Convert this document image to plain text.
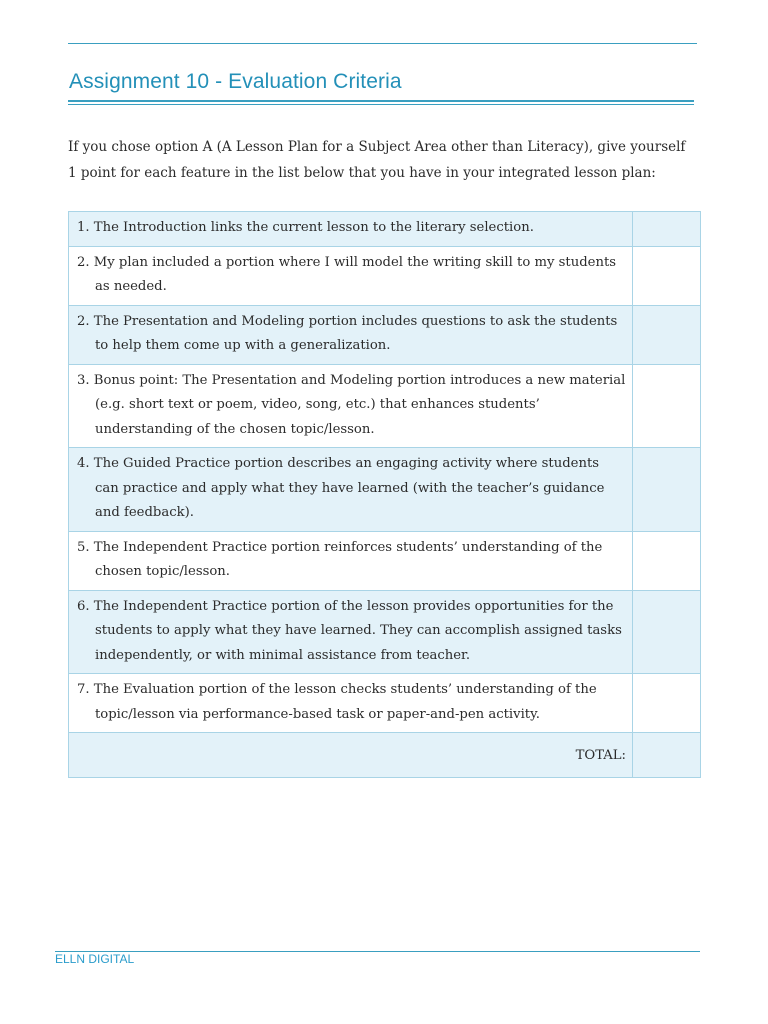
Assignment 10 - Evaluation Criteria

If you chose option A (A Lesson Plan for a Subject Area other than Literacy), give yourself 1 point for each feature in the list below that you have in your integrated lesson plan:

1. The Introduction links the current lesson to the literary selection.	

2. My plan included a portion where I will model the writing skill to my students as needed.	

2. The Presentation and Modeling portion includes questions to ask the students to help them come up with a generalization.	

3. Bonus point: The Presentation and Modeling portion introduces a new material (e.g. short text or poem, video, song, etc.) that enhances students’ understanding of the chosen topic/lesson.	

4. The Guided Practice portion describes an engaging activity where students can practice and apply what they have learned (with the teacher’s guidance and feedback).	

5. The Independent Practice portion reinforces students’ understanding of the chosen topic/lesson.	

6. The Independent Practice portion of the lesson provides opportunities for the students to apply what they have learned. They can accomplish assigned tasks independently, or with minimal assistance from teacher.	

7. The Evaluation portion of the lesson checks students’ understanding of the topic/lesson via performance-based task or paper-and-pen activity.	

TOTAL:	

ELLN DIGITAL
